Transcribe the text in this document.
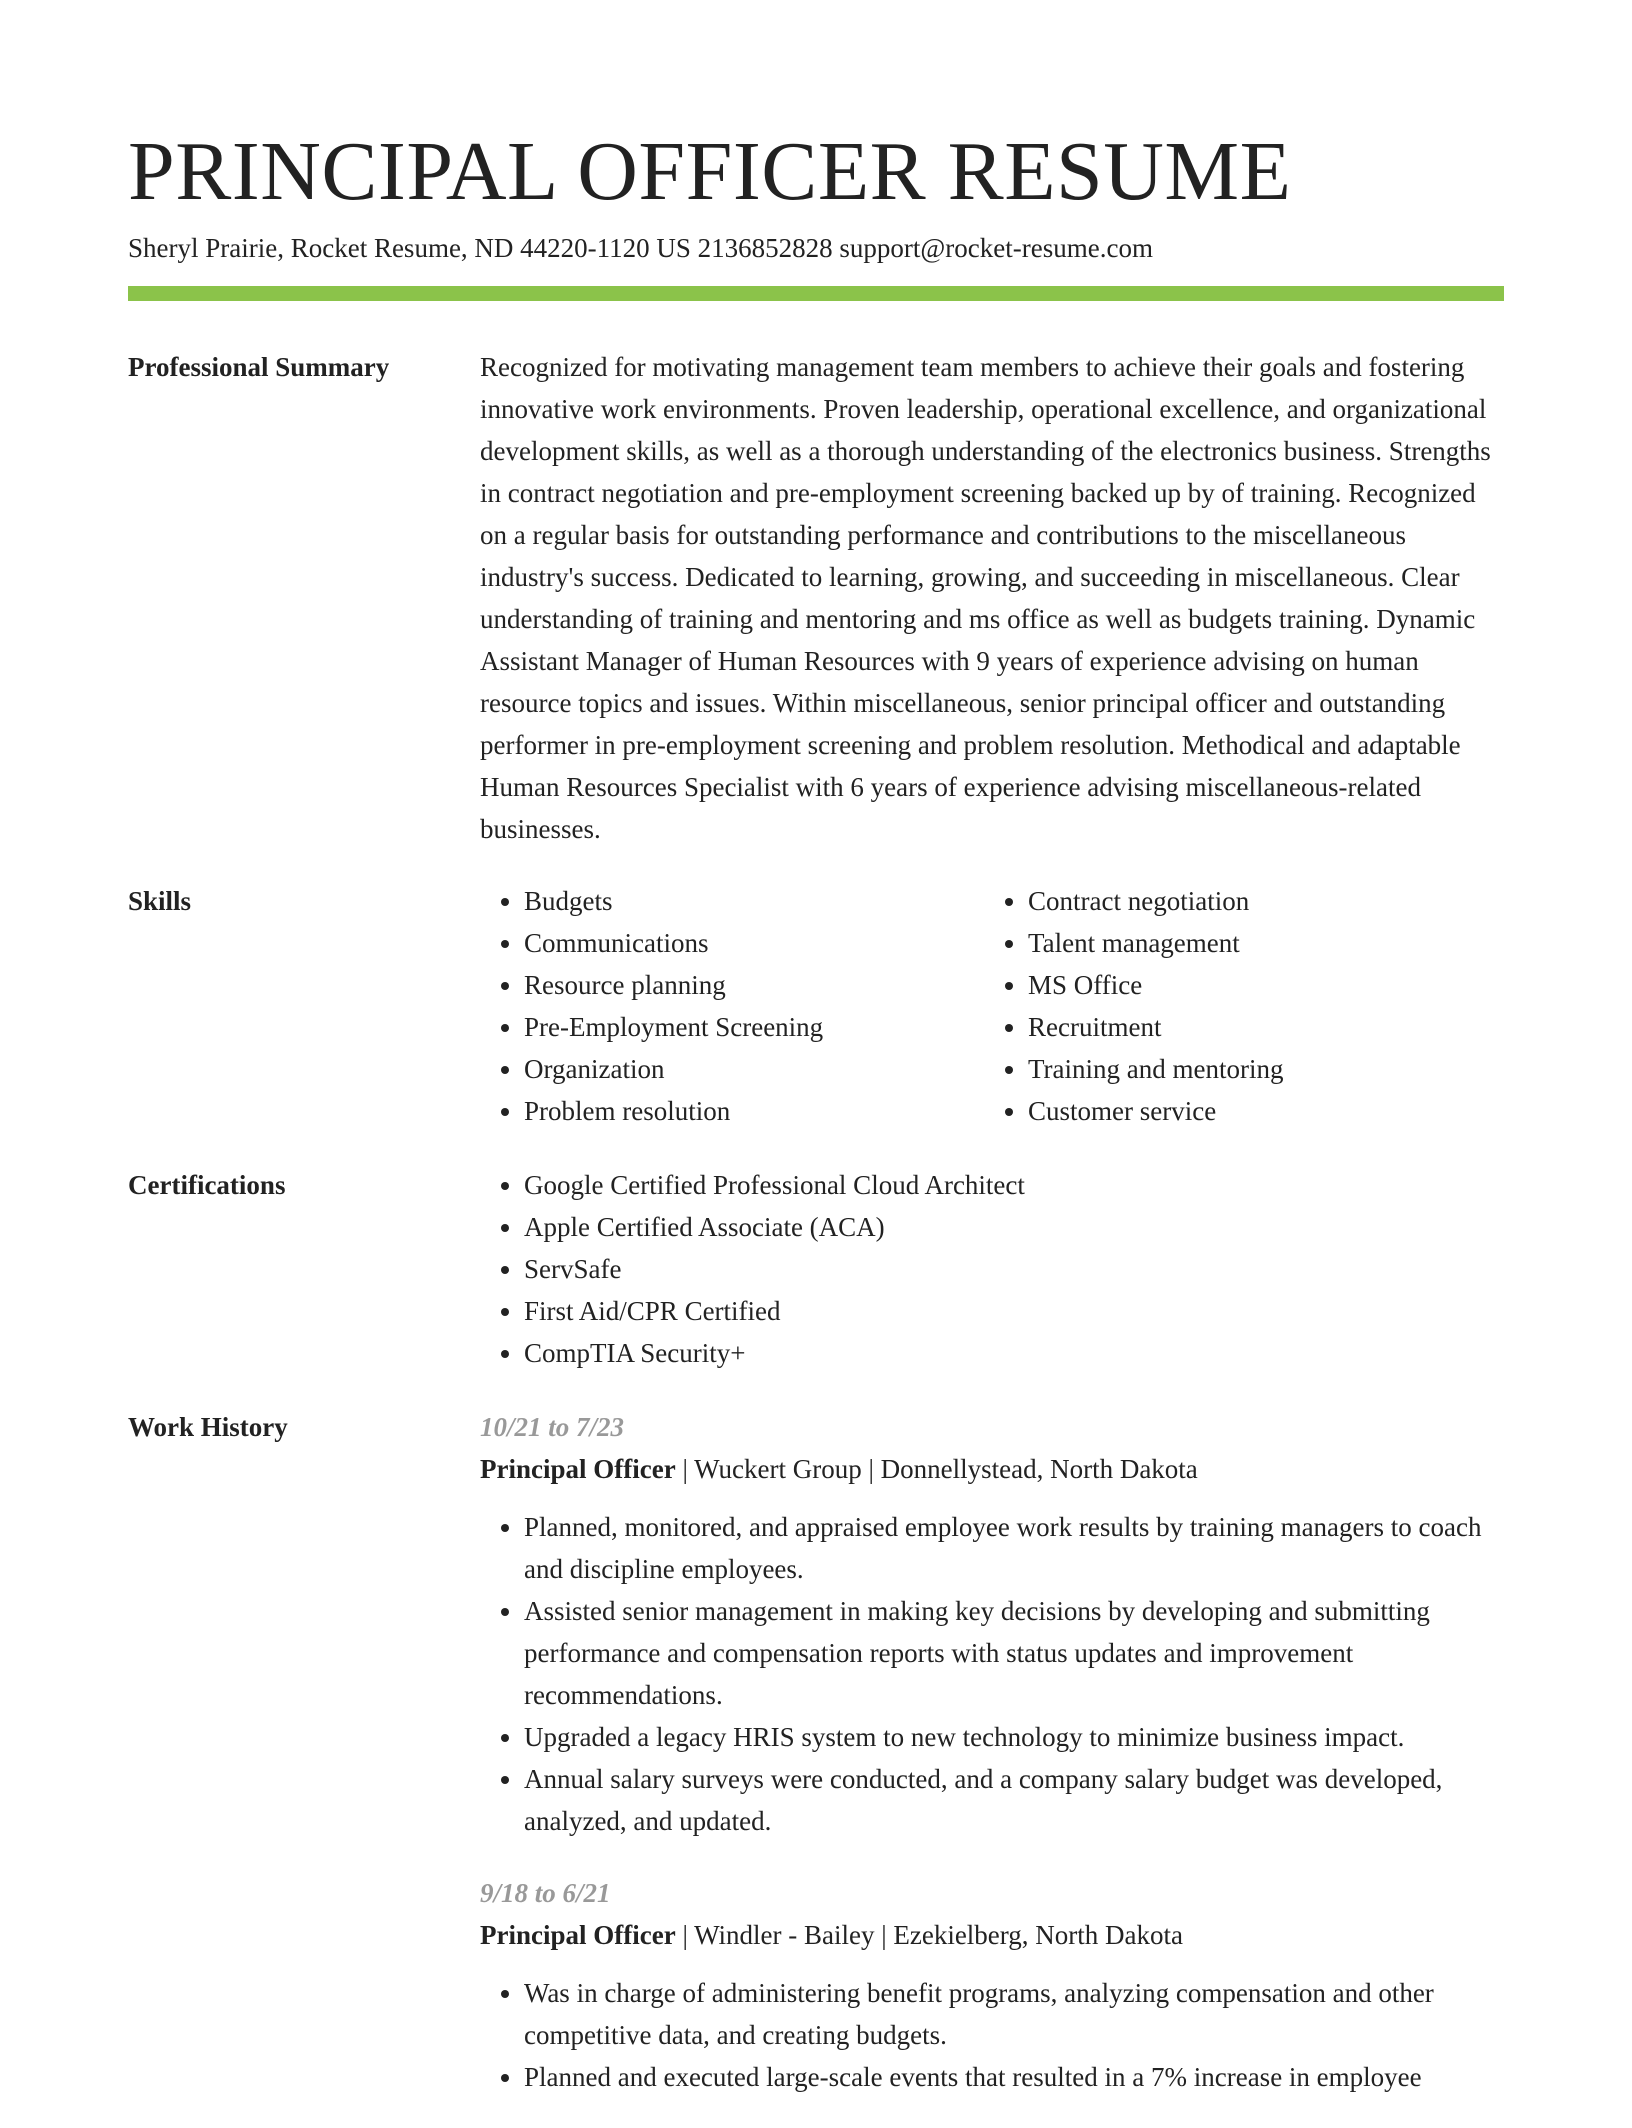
PRINCIPAL OFFICER RESUME
Sheryl Prairie, Rocket Resume, ND 44220-1120 US 2136852828 support@rocket-resume.com
Professional Summary	Recognized for motivating management team members to achieve their goals and fostering innovative work environments. Proven leadership, operational excellence, and organizational development skills, as well as a thorough understanding of the electronics business. Strengths in contract negotiation and pre-employment screening backed up by of training. Recognized on a regular basis for outstanding performance and contributions to the miscellaneous industry's success. Dedicated to learning, growing, and succeeding in miscellaneous. Clear understanding of training and mentoring and ms office as well as budgets training. Dynamic Assistant Manager of Human Resources with 9 years of experience advising on human resource topics and issues. Within miscellaneous, senior principal officer and outstanding performer in pre-employment screening and problem resolution. Methodical and adaptable Human Resources Specialist with 6 years of experience advising miscellaneous-related businesses.

Skills	• Budgets
• Communications
• Resource planning
• Pre-Employment Screening
• Organization
• Problem resolution
• Contract negotiation
• Talent management
• MS Office
• Recruitment
• Training and mentoring
• Customer service
Certifications	• Google Certified Professional Cloud Architect
• Apple Certified Associate (ACA)
• ServSafe
• First Aid/CPR Certified
• CompTIA Security+
Work History	10/21 to 7/23
Principal Officer | Wuckert Group | Donnellystead, North Dakota
• Planned, monitored, and appraised employee work results by training managers to coach and discipline employees.
• Assisted senior management in making key decisions by developing and submitting performance and compensation reports with status updates and improvement recommendations.
• Upgraded a legacy HRIS system to new technology to minimize business impact.
• Annual salary surveys were conducted, and a company salary budget was developed, analyzed, and updated.
9/18 to 6/21
Principal Officer | Windler - Bailey | Ezekielberg, North Dakota
• Was in charge of administering benefit programs, analyzing compensation and other competitive data, and creating budgets.
• Planned and executed large-scale events that resulted in a 7% increase in employee
